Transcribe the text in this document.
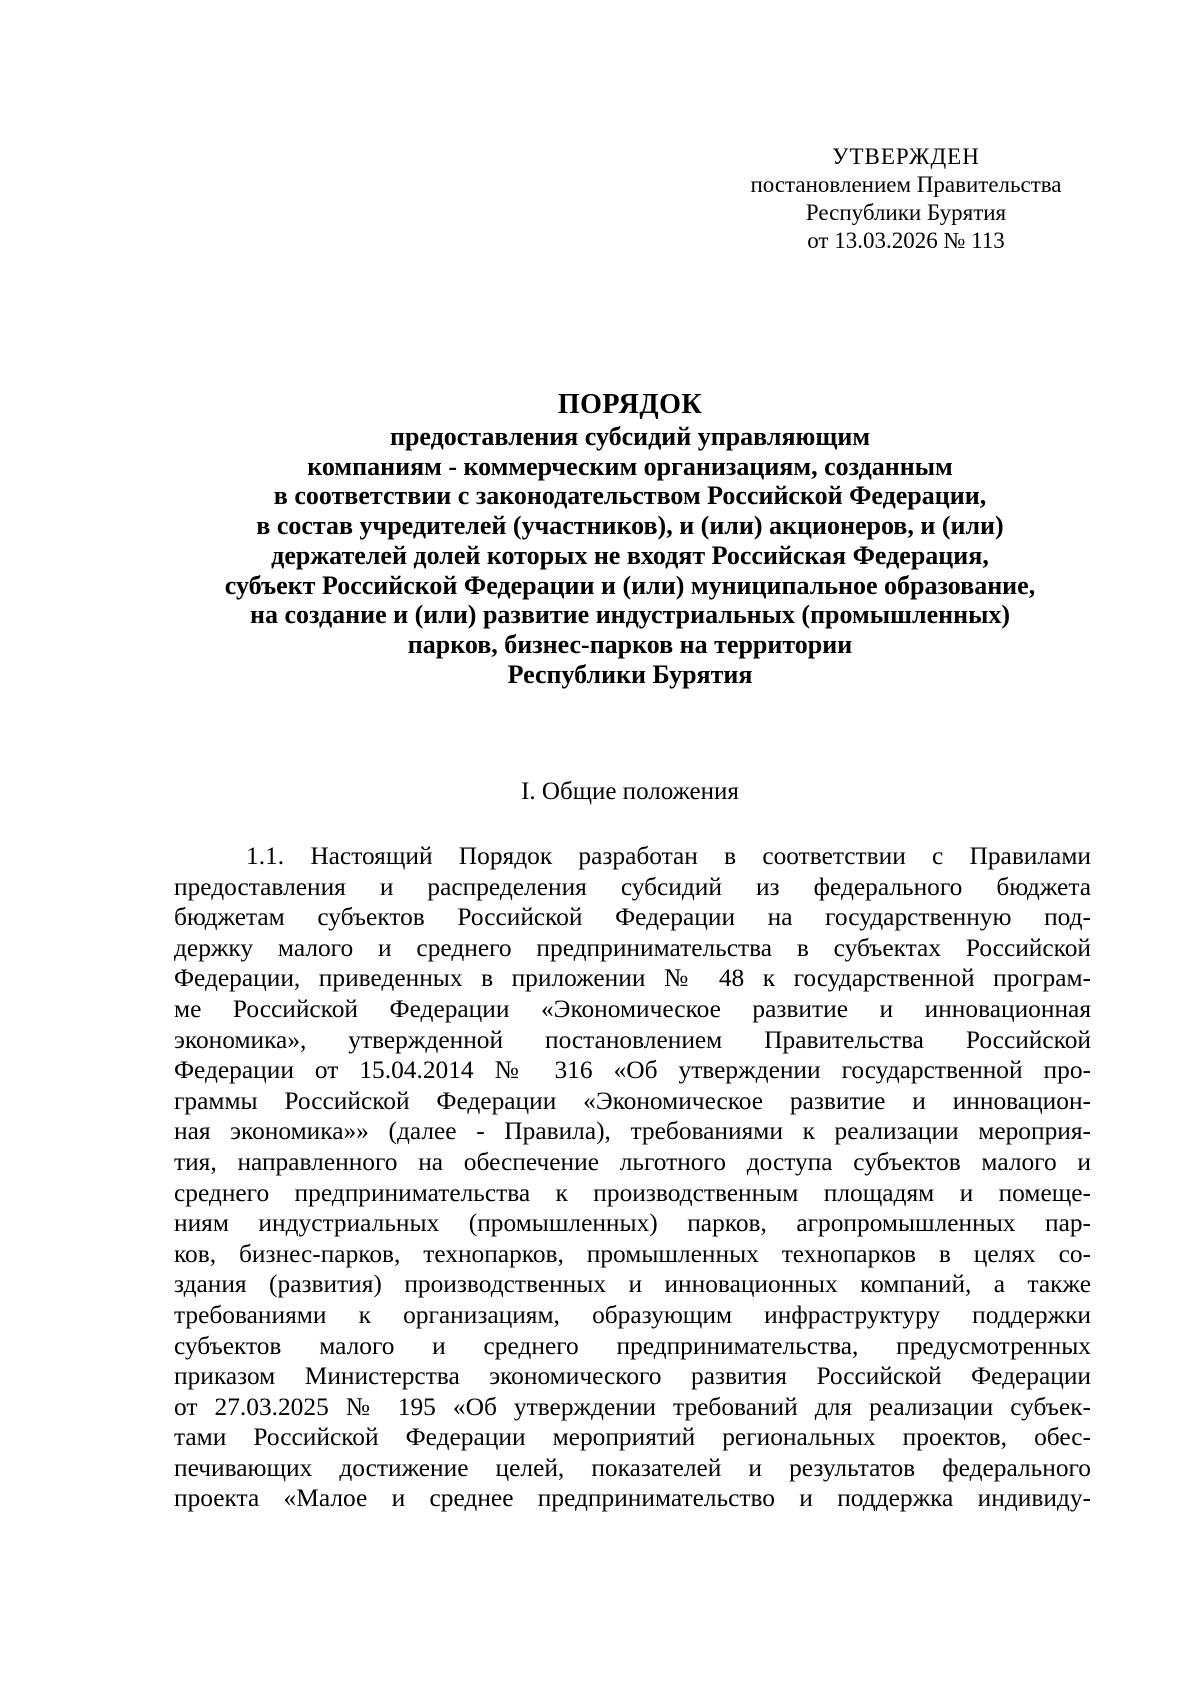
УТВЕРЖДЕН
постановлением Правительства
Республики Бурятия
от 13.03.2026 № 113
ПОРЯДОК
предоставления субсидий управляющим
компаниям - коммерческим организациям, созданным
в соответствии с законодательством Российской Федерации,
в состав учредителей (участников), и (или) акционеров, и (или)
держателей долей которых не входят Российская Федерация,
субъект Российской Федерации и (или) муниципальное образование,
на создание и (или) развитие индустриальных (промышленных)
парков, бизнес-парков на территории
Республики Бурятия
I. Общие положения
1.1. Настоящий Порядок разработан в соответствии с Правилами
предоставления и распределения субсидий из федерального бюджета
бюджетам субъектов Российской Федерации на государственную под-
держку малого и среднего предпринимательства в субъектах Российской
Федерации, приведенных в приложении № 48 к государственной програм-
ме Российской Федерации «Экономическое развитие и инновационная
экономика», утвержденной постановлением Правительства Российской
Федерации от 15.04.2014 № 316 «Об утверждении государственной про-
граммы Российской Федерации «Экономическое развитие и инновацион-
ная экономика»» (далее - Правила), требованиями к реализации мероприя-
тия, направленного на обеспечение льготного доступа субъектов малого и
среднего предпринимательства к производственным площадям и помеще-
ниям индустриальных (промышленных) парков, агропромышленных пар-
ков, бизнес-парков, технопарков, промышленных технопарков в целях со-
здания (развития) производственных и инновационных компаний, а также
требованиями к организациям, образующим инфраструктуру поддержки
субъектов малого и среднего предпринимательства, предусмотренных
приказом Министерства экономического развития Российской Федерации
от 27.03.2025 № 195 «Об утверждении требований для реализации субъек-
тами Российской Федерации мероприятий региональных проектов, обес-
печивающих достижение целей, показателей и результатов федерального
проекта «Малое и среднее предпринимательство и поддержка индивиду-
